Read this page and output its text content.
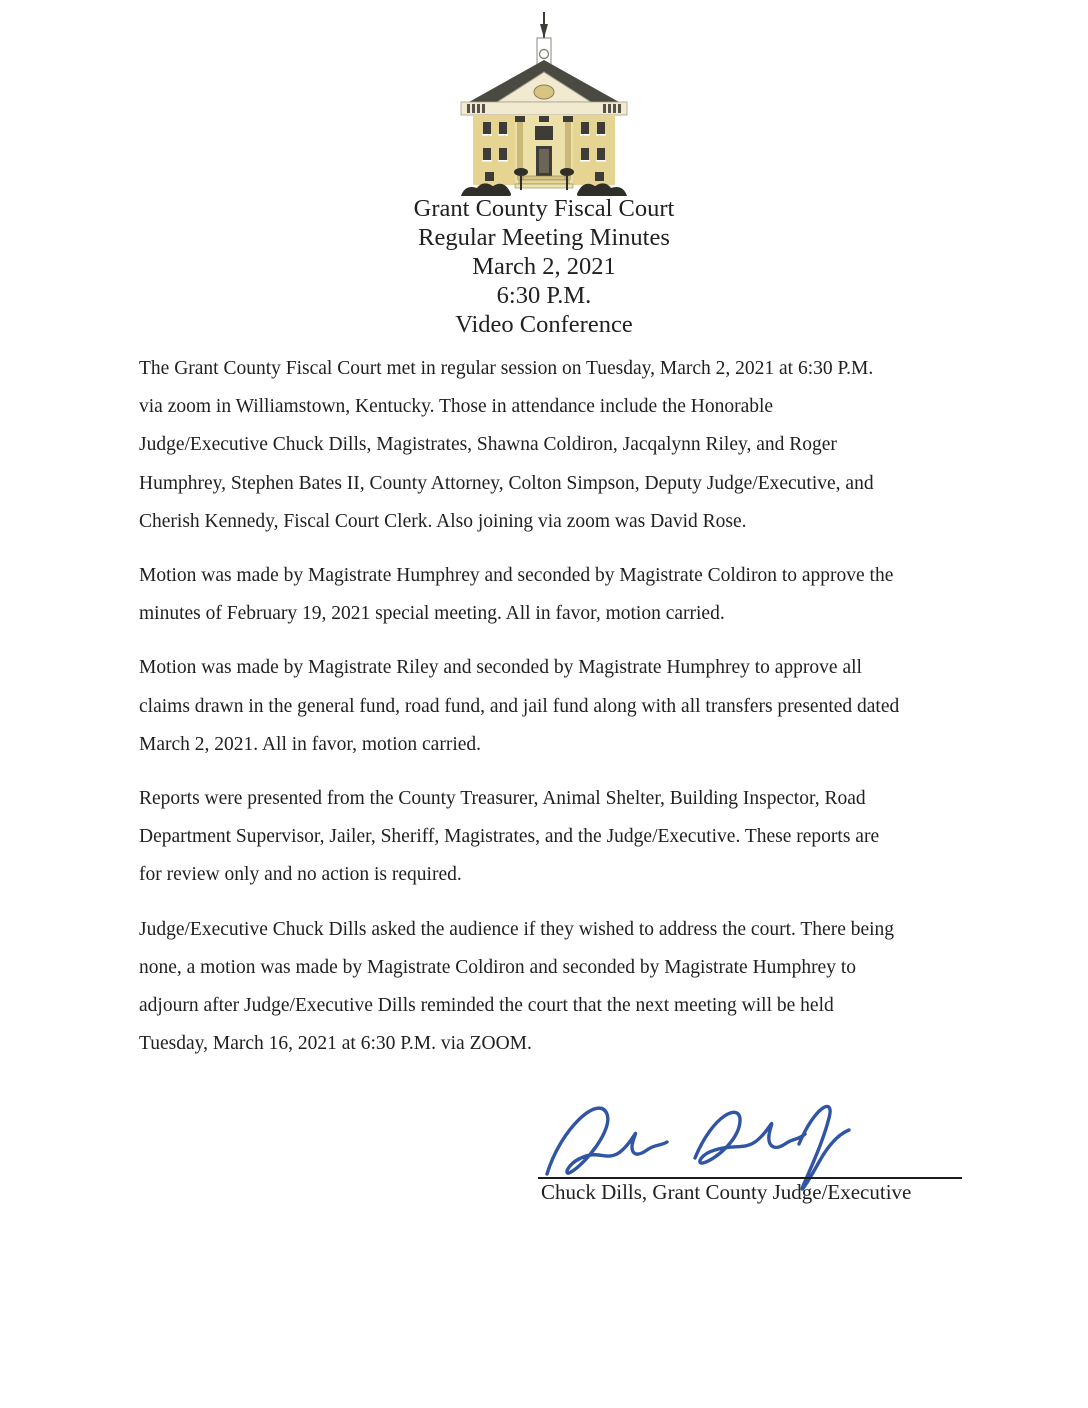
Grant County Fiscal Court
Regular Meeting Minutes
March 2, 2021
6:30 P.M.
Video Conference
The Grant County Fiscal Court met in regular session on Tuesday, March 2, 2021 at 6:30 P.M.
via zoom in Williamstown, Kentucky. Those in attendance include the Honorable
Judge/Executive Chuck Dills, Magistrates, Shawna Coldiron, Jacqalynn Riley, and Roger
Humphrey, Stephen Bates II, County Attorney, Colton Simpson, Deputy Judge/Executive, and
Cherish Kennedy, Fiscal Court Clerk. Also joining via zoom was David Rose.
Motion was made by Magistrate Humphrey and seconded by Magistrate Coldiron to approve the
minutes of February 19, 2021 special meeting. All in favor, motion carried.
Motion was made by Magistrate Riley and seconded by Magistrate Humphrey to approve all
claims drawn in the general fund, road fund, and jail fund along with all transfers presented dated
March 2, 2021. All in favor, motion carried.
Reports were presented from the County Treasurer, Animal Shelter, Building Inspector, Road
Department Supervisor, Jailer, Sheriff, Magistrates, and the Judge/Executive. These reports are
for review only and no action is required.
Judge/Executive Chuck Dills asked the audience if they wished to address the court. There being
none, a motion was made by Magistrate Coldiron and seconded by Magistrate Humphrey to
adjourn after Judge/Executive Dills reminded the court that the next meeting will be held
Tuesday, March 16, 2021 at 6:30 P.M. via ZOOM.
Chuck Dills, Grant County Judge/Executive
